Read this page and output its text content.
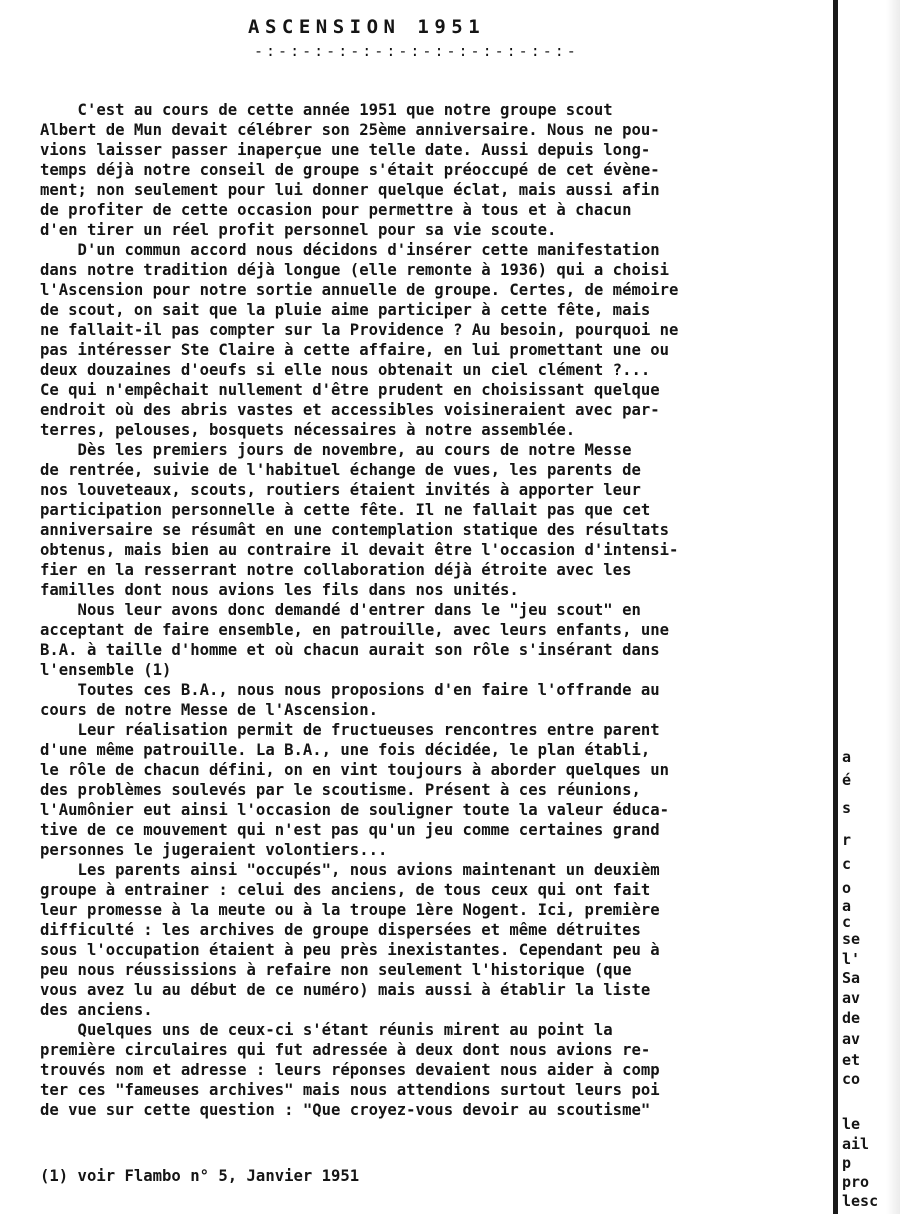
ASCENSION 1951
-:-:-:-:-:-:-:-:-:-:-:-:-:-
C'est au cours de cette année 1951 que notre groupe scout
Albert de Mun devait célébrer son 25ème anniversaire. Nous ne pou-
vions laisser passer inaperçue une telle date. Aussi depuis long-
temps déjà notre conseil de groupe s'était préoccupé de cet évène-
ment; non seulement pour lui donner quelque éclat, mais aussi afin
de profiter de cette occasion pour permettre à tous et à chacun
d'en tirer un réel profit personnel pour sa vie scoute.
D'un commun accord nous décidons d'insérer cette manifestation
dans notre tradition déjà longue (elle remonte à 1936) qui a choisi
l'Ascension pour notre sortie annuelle de groupe. Certes, de mémoire
de scout, on sait que la pluie aime participer à cette fête, mais
ne fallait-il pas compter sur la Providence ? Au besoin, pourquoi ne
pas intéresser Ste Claire à cette affaire, en lui promettant une ou
deux douzaines d'oeufs si elle nous obtenait un ciel clément ?...
Ce qui n'empêchait nullement d'être prudent en choisissant quelque
endroit où des abris vastes et accessibles voisineraient avec par-
terres, pelouses, bosquets nécessaires à notre assemblée.
Dès les premiers jours de novembre, au cours de notre Messe
de rentrée, suivie de l'habituel échange de vues, les parents de
nos louveteaux, scouts, routiers étaient invités à apporter leur
participation personnelle à cette fête. Il ne fallait pas que cet
anniversaire se résumât en une contemplation statique des résultats
obtenus, mais bien au contraire il devait être l'occasion d'intensi-
fier en la resserrant notre collaboration déjà étroite avec les
familles dont nous avions les fils dans nos unités.
Nous leur avons donc demandé d'entrer dans le "jeu scout" en
acceptant de faire ensemble, en patrouille, avec leurs enfants, une
B.A. à taille d'homme et où chacun aurait son rôle s'insérant dans
l'ensemble (1)
Toutes ces B.A., nous nous proposions d'en faire l'offrande au
cours de notre Messe de l'Ascension.
Leur réalisation permit de fructueuses rencontres entre parent
d'une même patrouille. La B.A., une fois décidée, le plan établi,
le rôle de chacun défini, on en vint toujours à aborder quelques un
des problèmes soulevés par le scoutisme. Présent à ces réunions,
l'Aumônier eut ainsi l'occasion de souligner toute la valeur éduca-
tive de ce mouvement qui n'est pas qu'un jeu comme certaines grand
personnes le jugeraient volontiers...
Les parents ainsi "occupés", nous avions maintenant un deuxièm
groupe à entrainer : celui des anciens, de tous ceux qui ont fait
leur promesse à la meute ou à la troupe 1ère Nogent. Ici, première
difficulté : les archives de groupe dispersées et même détruites
sous l'occupation étaient à peu près inexistantes. Cependant peu à
peu nous réussissions à refaire non seulement l'historique (que
vous avez lu au début de ce numéro) mais aussi à établir la liste
des anciens.
Quelques uns de ceux-ci s'étant réunis mirent au point la
première circulaires qui fut adressée à deux dont nous avions re-
trouvés nom et adresse : leurs réponses devaient nous aider à comp
ter ces "fameuses archives" mais nous attendions surtout leurs poi
de vue sur cette question : "Que croyez-vous devoir au scoutisme"
(1) voir Flambo n° 5, Janvier 1951
a
é
s
r
c
o
a
c
se
l'
Sa
av
de
av
et
co
le
ail
p
pro
lesc
